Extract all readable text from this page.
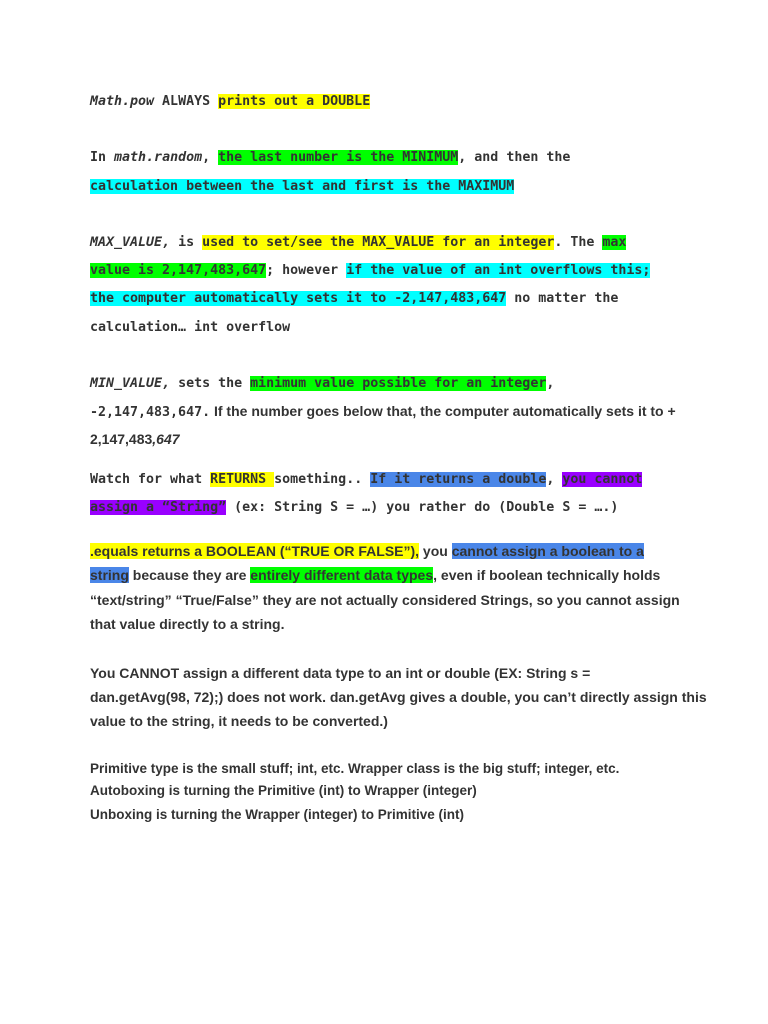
Math.pow ALWAYS prints out a DOUBLE
In math.random, the last number is the MINIMUM, and then the
calculation between the last and first is the MAXIMUM
MAX_VALUE, is used to set/see the MAX_VALUE for an integer. The max
value is 2,147,483,647; however if the value of an int overflows this;
the computer automatically sets it to -2,147,483,647 no matter the
calculation… int overflow
MIN_VALUE, sets the minimum value possible for an integer,
-2,147,483,647. If the number goes below that, the computer automatically sets it to +
2,147,483,647
Watch for what RETURNS something.. If it returns a double, you cannot
assign a “String” (ex: String S = …) you rather do (Double S = ….)
.equals returns a BOOLEAN (“TRUE OR FALSE”), you cannot assign a boolean to a
string because they are entirely different data types, even if boolean technically holds
“text/string” “True/False” they are not actually considered Strings, so you cannot assign
that value directly to a string.
You CANNOT assign a different data type to an int or double (EX: String s =
dan.getAvg(98, 72);) does not work. dan.getAvg gives a double, you can’t directly assign this
value to the string, it needs to be converted.)
Primitive type is the small stuff; int, etc. Wrapper class is the big stuff; integer, etc.
Autoboxing is turning the Primitive (int) to Wrapper (integer)
Unboxing is turning the Wrapper (integer) to Primitive (int)
